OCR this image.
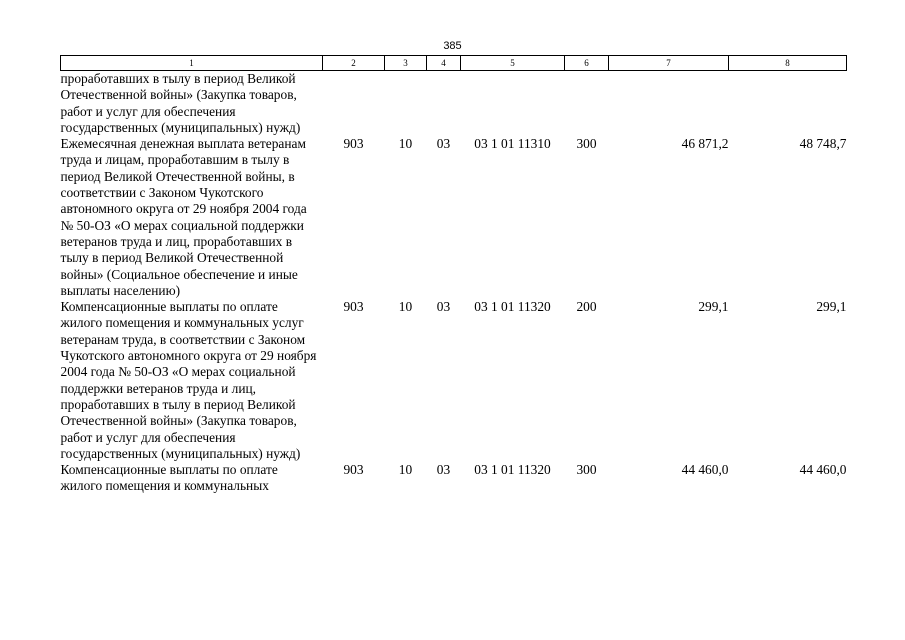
385
1	2	3	4	5	6	7	8
проработавших в тылу в период Великой Отечественной войны» (Закупка товаров, работ и услуг для обеспечения государственных (муниципальных) нужд)							
Ежемесячная денежная выплата ветеранам труда и лицам, проработавшим в тылу в период Великой Отечественной войны, в соответствии с Законом Чукотского автономного округа от 29 ноября 2004 года № 50-ОЗ «О мерах социальной поддержки ветеранов труда и лиц, проработавших в тылу в период Великой Отечественной войны» (Социальное обеспечение и иные выплаты населению)	903	10	03	03 1 01 11310	300	46 871,2	48 748,7
Компенсационные выплаты по оплате жилого помещения и коммунальных услуг ветеранам труда, в соответствии с Законом Чукотского автономного округа от 29 ноября 2004 года № 50-ОЗ «О мерах социальной поддержки ветеранов труда и лиц, проработавших в тылу в период Великой Отечественной войны» (Закупка товаров, работ и услуг для обеспечения государственных (муниципальных) нужд)	903	10	03	03 1 01 11320	200	299,1	299,1
Компенсационные выплаты по оплате жилого помещения и коммунальных	903	10	03	03 1 01 11320	300	44 460,0	44 460,0
